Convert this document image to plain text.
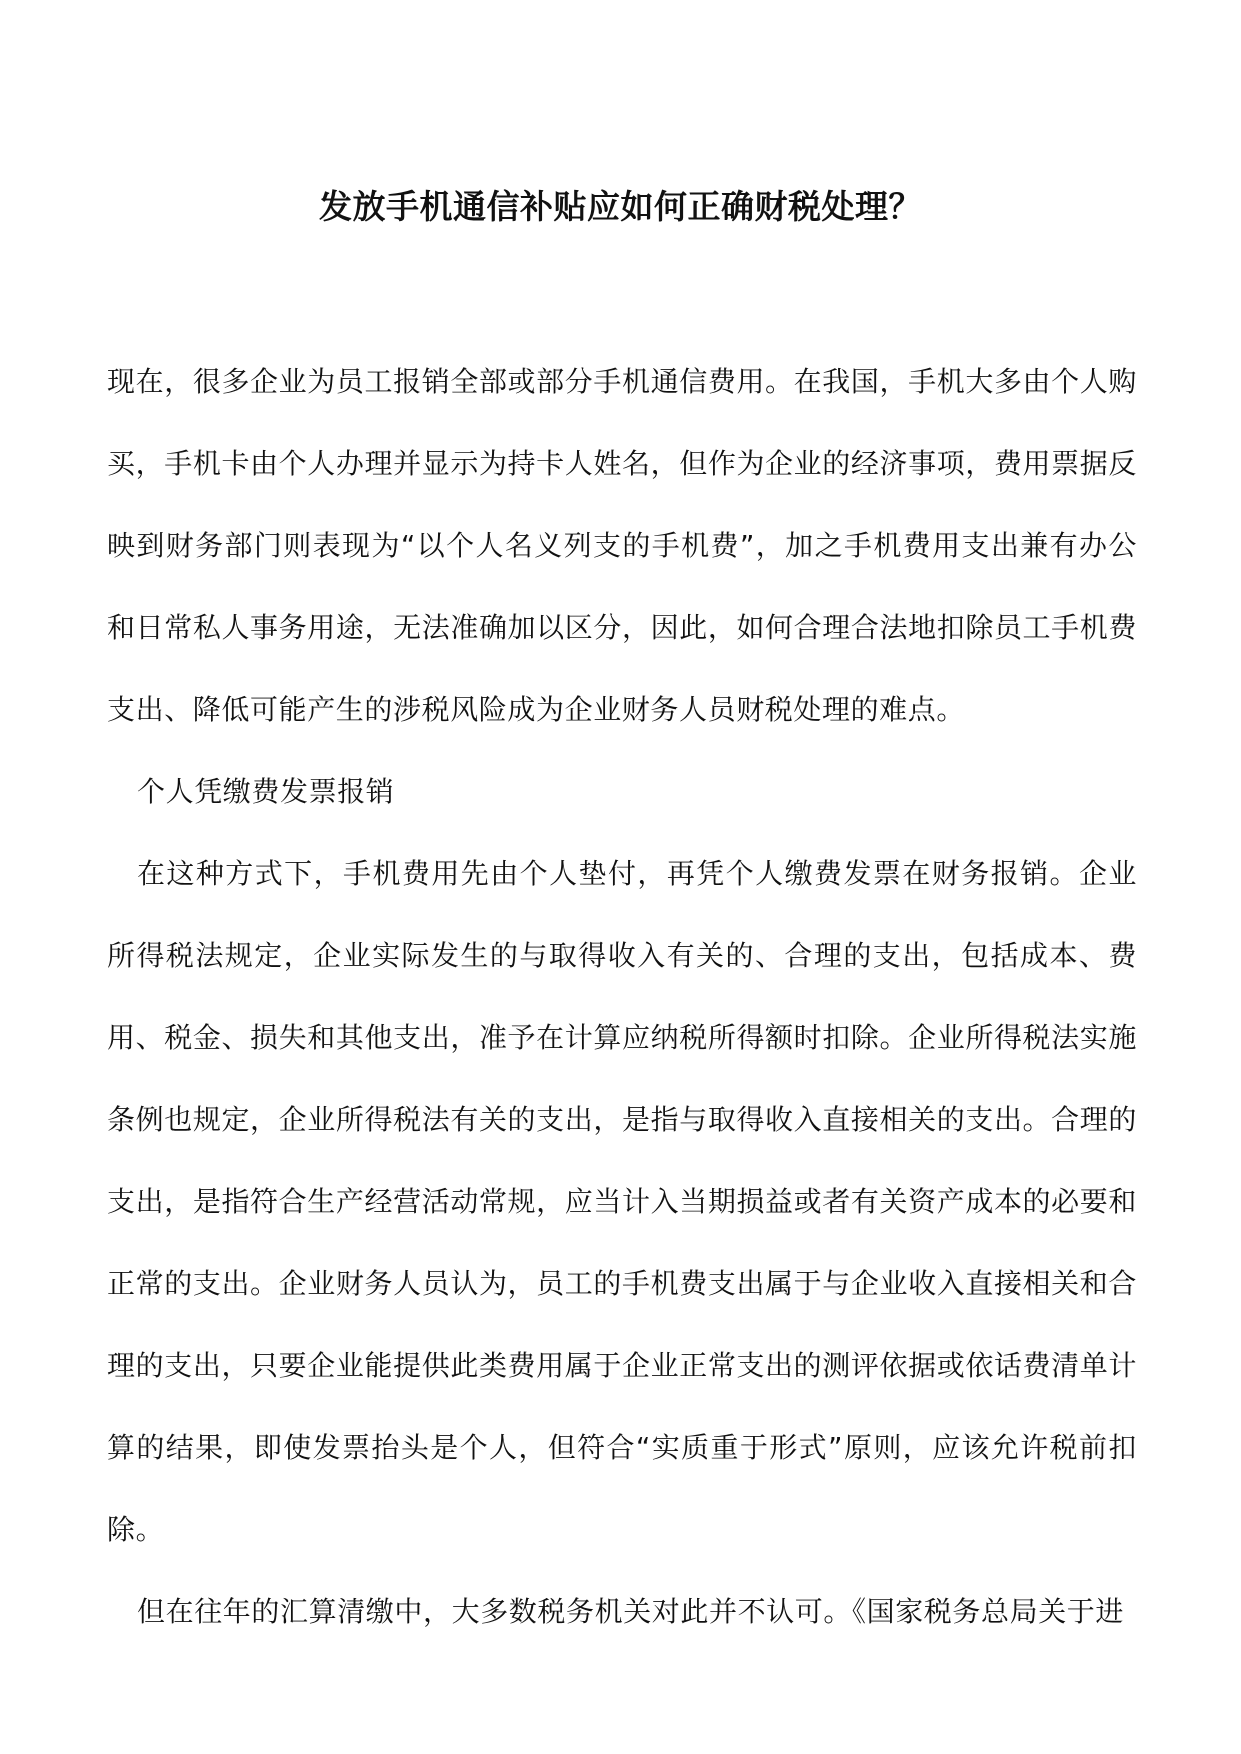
发放手机通信补贴应如何正确财税处理？

现在，很多企业为员工报销全部或部分手机通信费用。在我国，手机大多由个人购买，手机卡由个人办理并显示为持卡人姓名，但作为企业的经济事项，费用票据反映到财务部门则表现为“以个人名义列支的手机费”，加之手机费用支出兼有办公和日常私人事务用途，无法准确加以区分，因此，如何合理合法地扣除员工手机费支出、降低可能产生的涉税风险成为企业财务人员财税处理的难点。

个人凭缴费发票报销

在这种方式下，手机费用先由个人垫付，再凭个人缴费发票在财务报销。企业所得税法规定，企业实际发生的与取得收入有关的、合理的支出，包括成本、费用、税金、损失和其他支出，准予在计算应纳税所得额时扣除。企业所得税法实施条例也规定，企业所得税法有关的支出，是指与取得收入直接相关的支出。合理的支出，是指符合生产经营活动常规，应当计入当期损益或者有关资产成本的必要和正常的支出。企业财务人员认为，员工的手机费支出属于与企业收入直接相关和合理的支出，只要企业能提供此类费用属于企业正常支出的测评依据或依话费清单计算的结果，即使发票抬头是个人，但符合“实质重于形式”原则，应该允许税前扣除。

但在往年的汇算清缴中，大多数税务机关对此并不认可。《国家税务总局关于进
